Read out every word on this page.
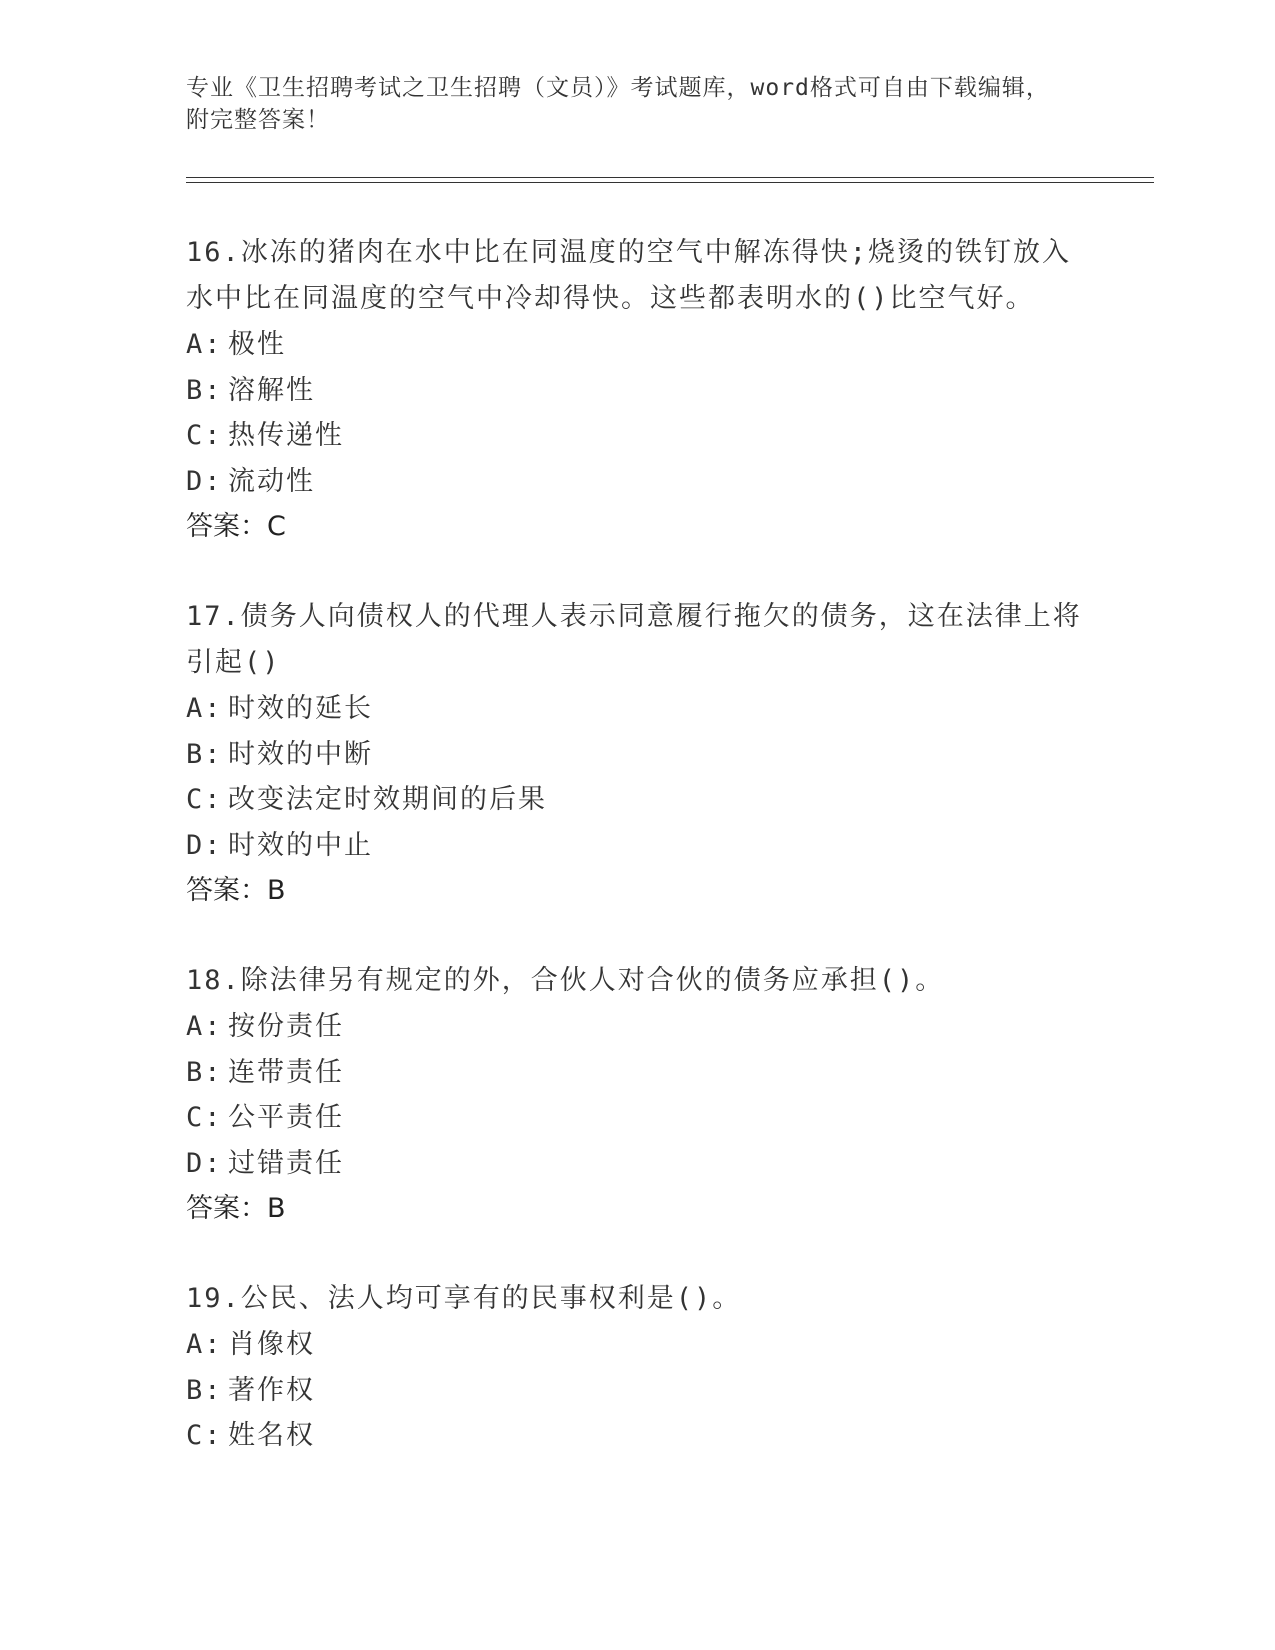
专业《卫生招聘考试之卫生招聘（文员）》考试题库，word格式可自由下载编辑，附完整答案！
16.冰冻的猪肉在水中比在同温度的空气中解冻得快;烧烫的铁钉放入水中比在同温度的空气中冷却得快。这些都表明水的()比空气好。
A: 极性
B: 溶解性
C: 热传递性
D: 流动性
答案：C
17.债务人向债权人的代理人表示同意履行拖欠的债务，这在法律上将引起()
A: 时效的延长
B: 时效的中断
C: 改变法定时效期间的后果
D: 时效的中止
答案：B
18.除法律另有规定的外，合伙人对合伙的债务应承担()。
A: 按份责任
B: 连带责任
C: 公平责任
D: 过错责任
答案：B
19.公民、法人均可享有的民事权利是()。
A: 肖像权
B: 著作权
C: 姓名权
